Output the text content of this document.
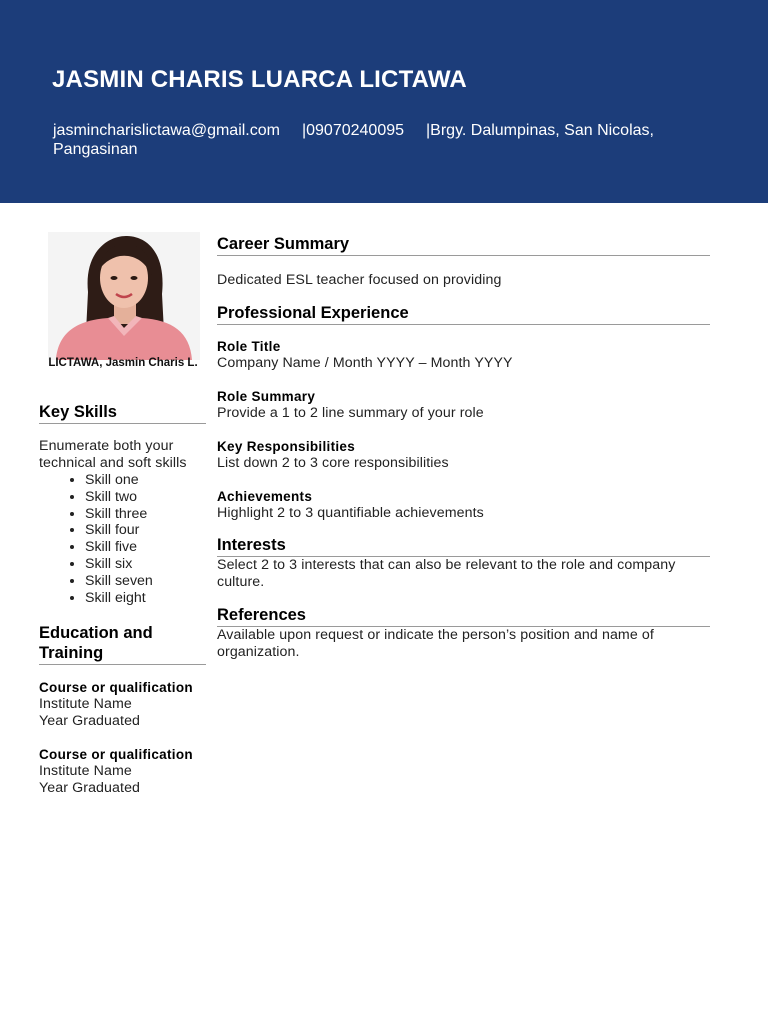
JASMIN CHARIS LUARCA LICTAWA
jasmincharislictawa@gmail.com |09070240095 |Brgy. Dalumpinas, San Nicolas, Pangasinan
LICTAWA, Jasmin Charis L.
Key Skills
Enumerate both your technical and soft skills
• Skill one
• Skill two
• Skill three
• Skill four
• Skill five
• Skill six
• Skill seven
• Skill eight
Education and Training
Course or qualification
Institute Name
Year Graduated
Course or qualification
Institute Name
Year Graduated
Career Summary
Dedicated ESL teacher focused on providing
Professional Experience
Role Title
Company Name / Month YYYY – Month YYYY
Role Summary
Provide a 1 to 2 line summary of your role
Key Responsibilities
List down 2 to 3 core responsibilities
Achievements
Highlight 2 to 3 quantifiable achievements
Interests
Select 2 to 3 interests that can also be relevant to the role and company culture.
References
Available upon request or indicate the person’s position and name of organization.
